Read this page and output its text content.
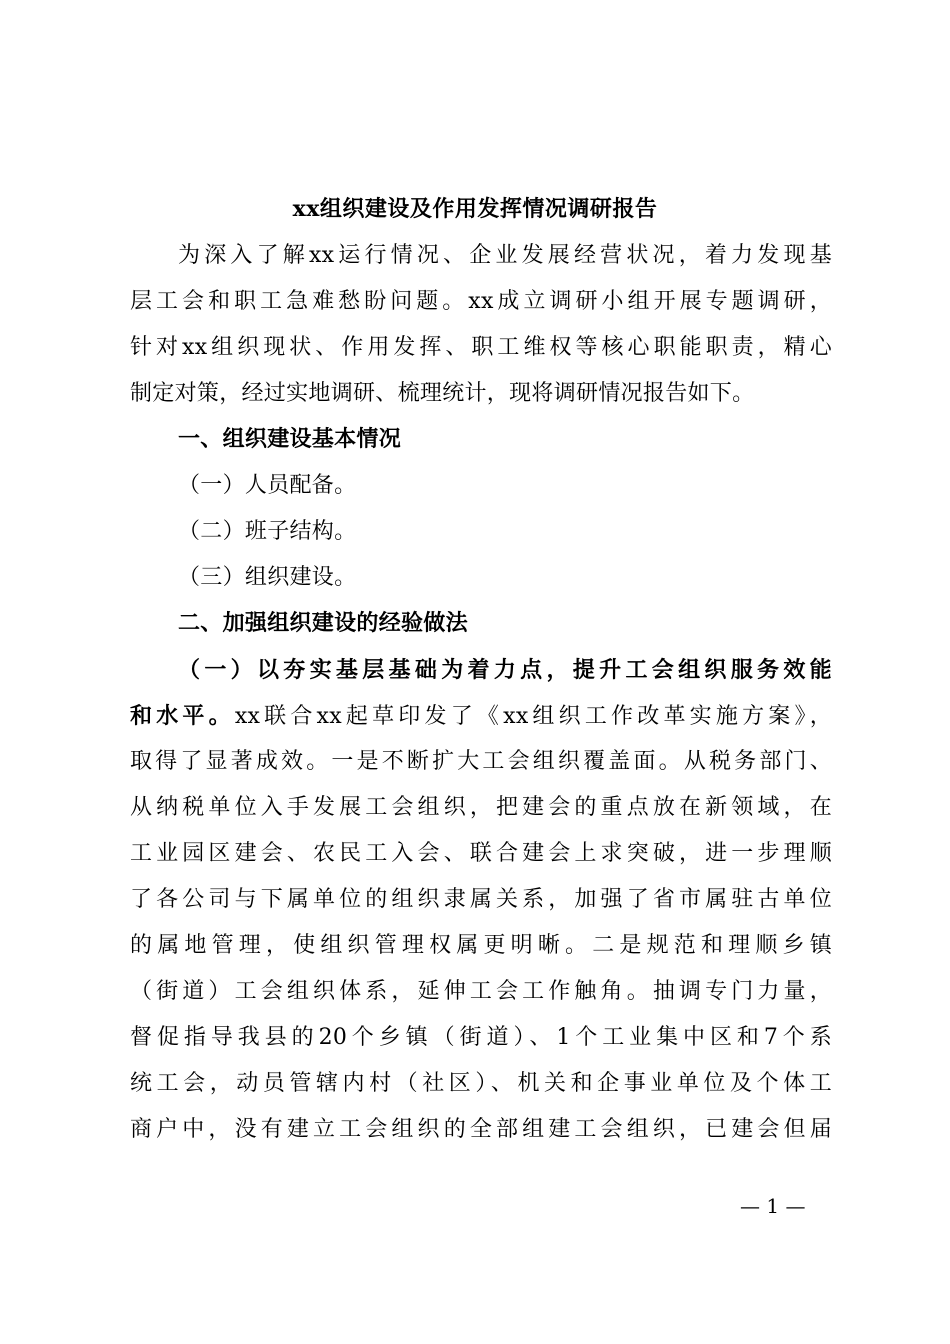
xx组织建设及作用发挥情况调研报告
为深入了解xx运行情况、企业发展经营状况，着力发现基
层工会和职工急难愁盼问题。xx成立调研小组开展专题调研，
针对xx组织现状、作用发挥、职工维权等核心职能职责，精心
制定对策，经过实地调研、梳理统计，现将调研情况报告如下。
一、组织建设基本情况
（一）人员配备。
（二）班子结构。
（三）组织建设。
二、加强组织建设的经验做法
（一）以夯实基层基础为着力点，提升工会组织服务效能
和水平。xx联合xx起草印发了《xx组织工作改革实施方案》，
取得了显著成效。一是不断扩大工会组织覆盖面。从税务部门、
从纳税单位入手发展工会组织，把建会的重点放在新领域，在
工业园区建会、农民工入会、联合建会上求突破，进一步理顺
了各公司与下属单位的组织隶属关系，加强了省市属驻古单位
的属地管理，使组织管理权属更明晰。二是规范和理顺乡镇
（街道）工会组织体系，延伸工会工作触角。抽调专门力量，
督促指导我县的20个乡镇（街道）、1个工业集中区和7个系
统工会，动员管辖内村（社区）、机关和企事业单位及个体工
商户中，没有建立工会组织的全部组建工会组织，已建会但届
— 1 —
